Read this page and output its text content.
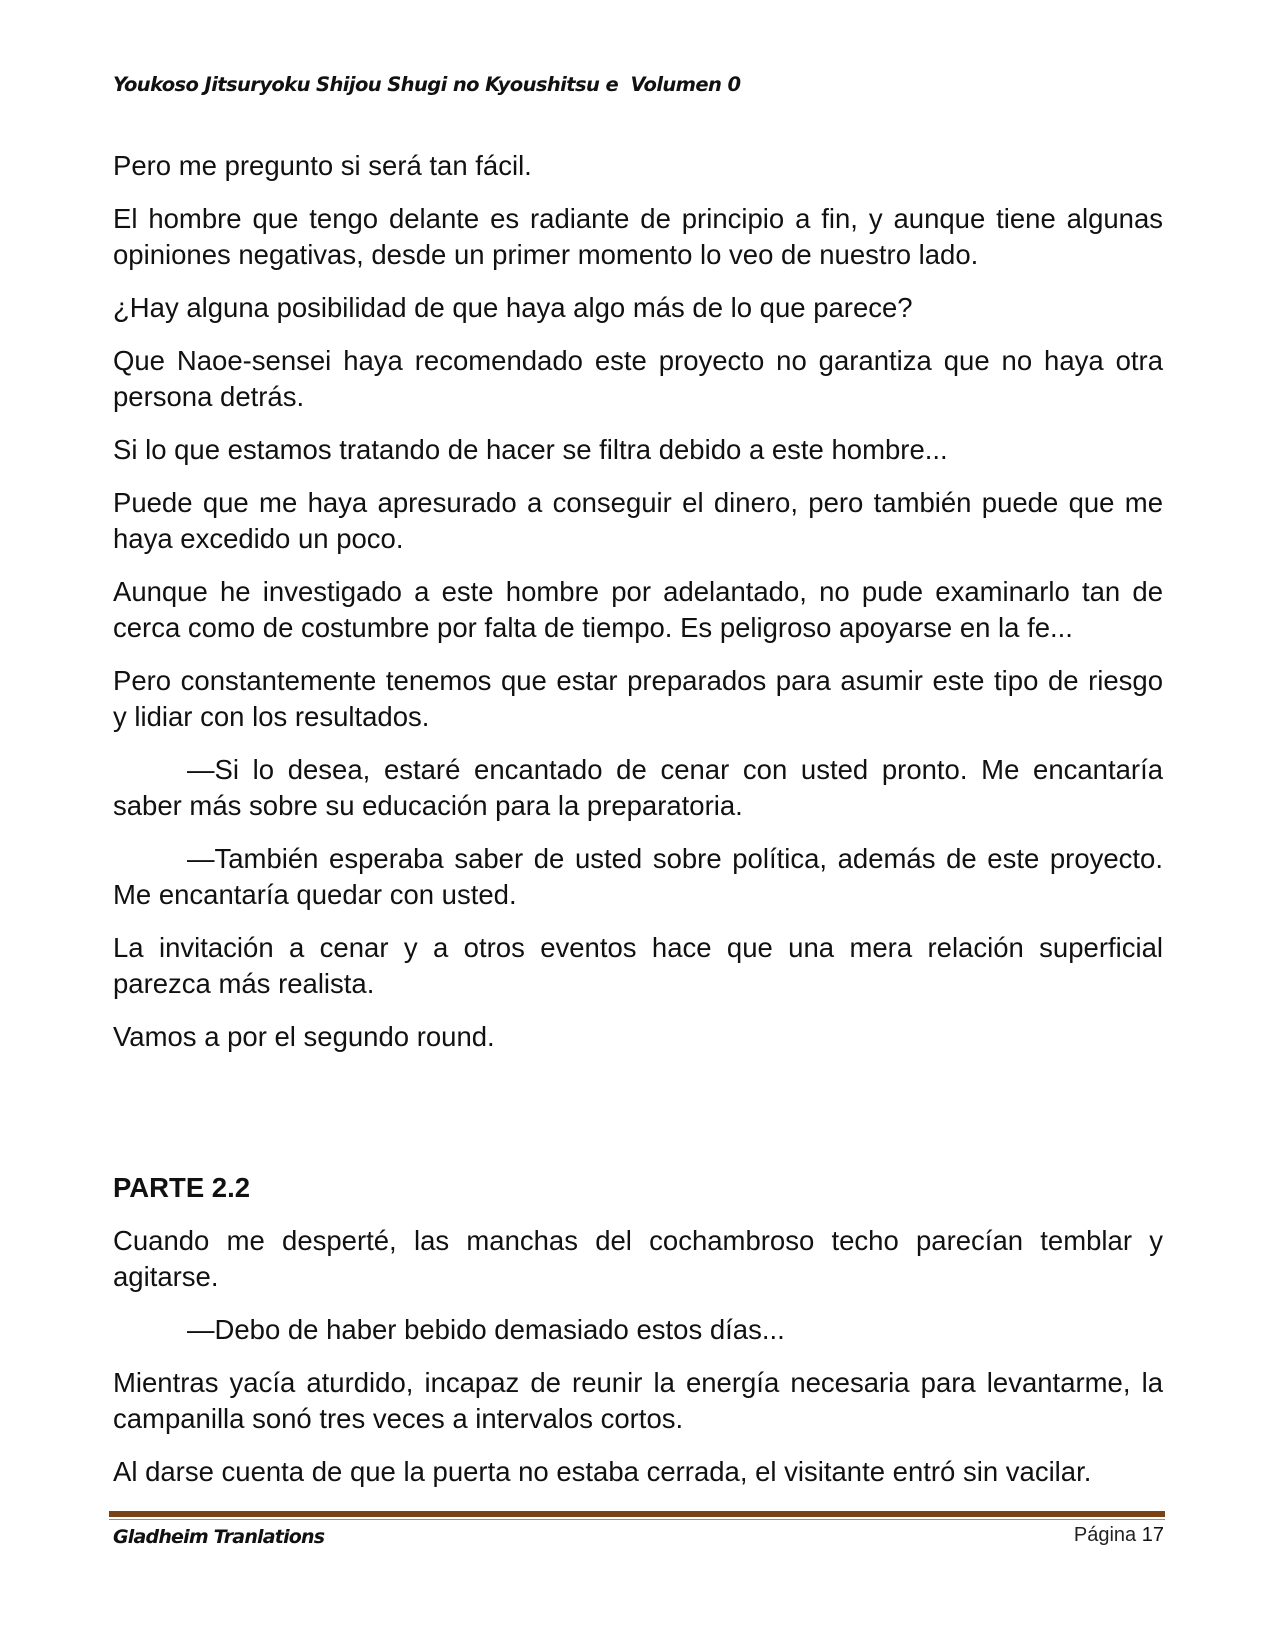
Youkoso Jitsuryoku Shijou Shugi no Kyoushitsu e  Volumen 0

Pero me pregunto si será tan fácil.

El hombre que tengo delante es radiante de principio a fin, y aunque tiene algunas opiniones negativas, desde un primer momento lo veo de nuestro lado.

¿Hay alguna posibilidad de que haya algo más de lo que parece?

Que Naoe-sensei haya recomendado este proyecto no garantiza que no haya otra persona detrás.

Si lo que estamos tratando de hacer se filtra debido a este hombre...

Puede que me haya apresurado a conseguir el dinero, pero también puede que me haya excedido un poco.

Aunque he investigado a este hombre por adelantado, no pude examinarlo tan de cerca como de costumbre por falta de tiempo. Es peligroso apoyarse en la fe...

Pero constantemente tenemos que estar preparados para asumir este tipo de riesgo y lidiar con los resultados.

—Si lo desea, estaré encantado de cenar con usted pronto. Me encantaría saber más sobre su educación para la preparatoria.

—También esperaba saber de usted sobre política, además de este proyecto. Me encantaría quedar con usted.

La invitación a cenar y a otros eventos hace que una mera relación superficial parezca más realista.

Vamos a por el segundo round.

PARTE 2.2

Cuando me desperté, las manchas del cochambroso techo parecían temblar y agitarse.

—Debo de haber bebido demasiado estos días...

Mientras yacía aturdido, incapaz de reunir la energía necesaria para levantarme, la campanilla sonó tres veces a intervalos cortos.

Al darse cuenta de que la puerta no estaba cerrada, el visitante entró sin vacilar.

Gladheim Tranlations	Página 17
